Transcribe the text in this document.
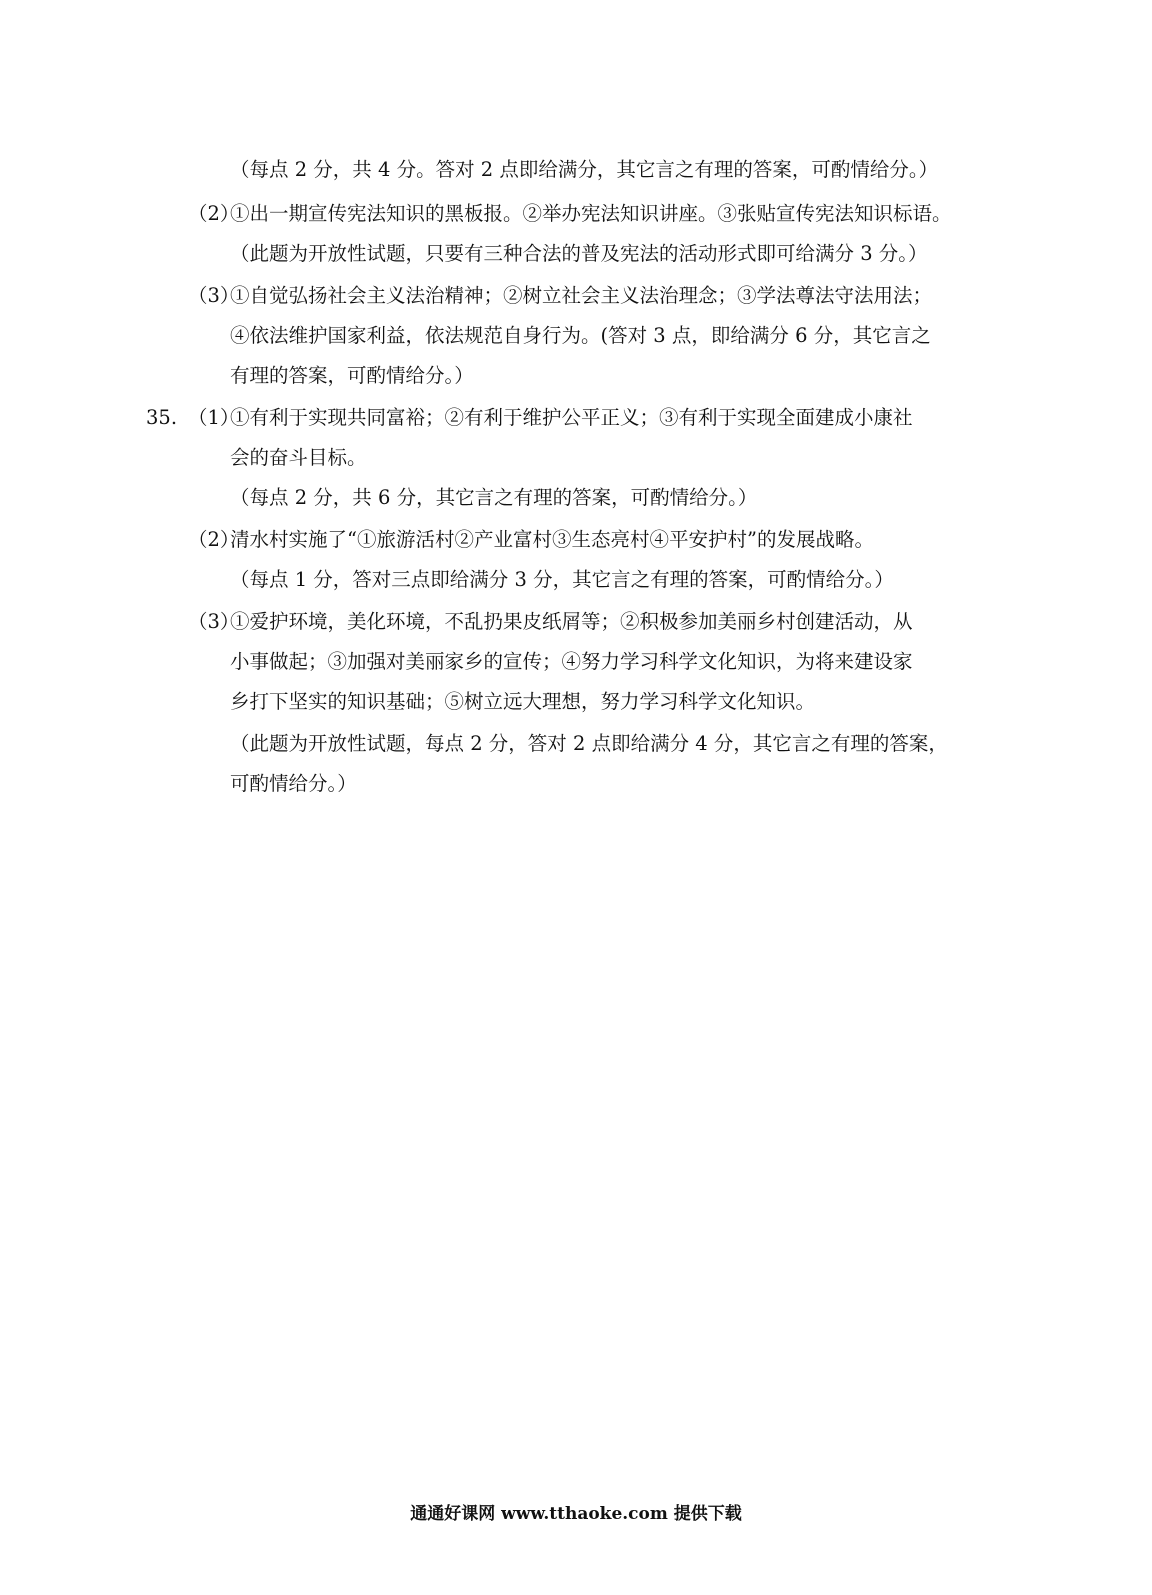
（每点 2 分，共 4 分。答对 2 点即给满分，其它言之有理的答案，可酌情给分。）
（2）
①出一期宣传宪法知识的黑板报。②举办宪法知识讲座。③张贴宣传宪法知识标语。
（此题为开放性试题，只要有三种合法的普及宪法的活动形式即可给满分 3 分。）
（3）
①自觉弘扬社会主义法治精神；②树立社会主义法治理念；③学法尊法守法用法；
④依法维护国家利益，依法规范自身行为。(答对 3 点，即给满分 6 分，其它言之
有理的答案，可酌情给分。）
35. （1）
①有利于实现共同富裕；②有利于维护公平正义；③有利于实现全面建成小康社
会的奋斗目标。
（每点 2 分，共 6 分，其它言之有理的答案，可酌情给分。）
（2）
清水村实施了“①旅游活村②产业富村③生态亮村④平安护村”的发展战略。
（每点 1 分，答对三点即给满分 3 分，其它言之有理的答案，可酌情给分。）
（3）
①爱护环境，美化环境，不乱扔果皮纸屑等；②积极参加美丽乡村创建活动，从
小事做起；③加强对美丽家乡的宣传；④努力学习科学文化知识，为将来建设家
乡打下坚实的知识基础；⑤树立远大理想，努力学习科学文化知识。
（此题为开放性试题，每点 2 分，答对 2 点即给满分 4 分，其它言之有理的答案，
可酌情给分。）
通通好课网 www.tthaoke.com 提供下载
